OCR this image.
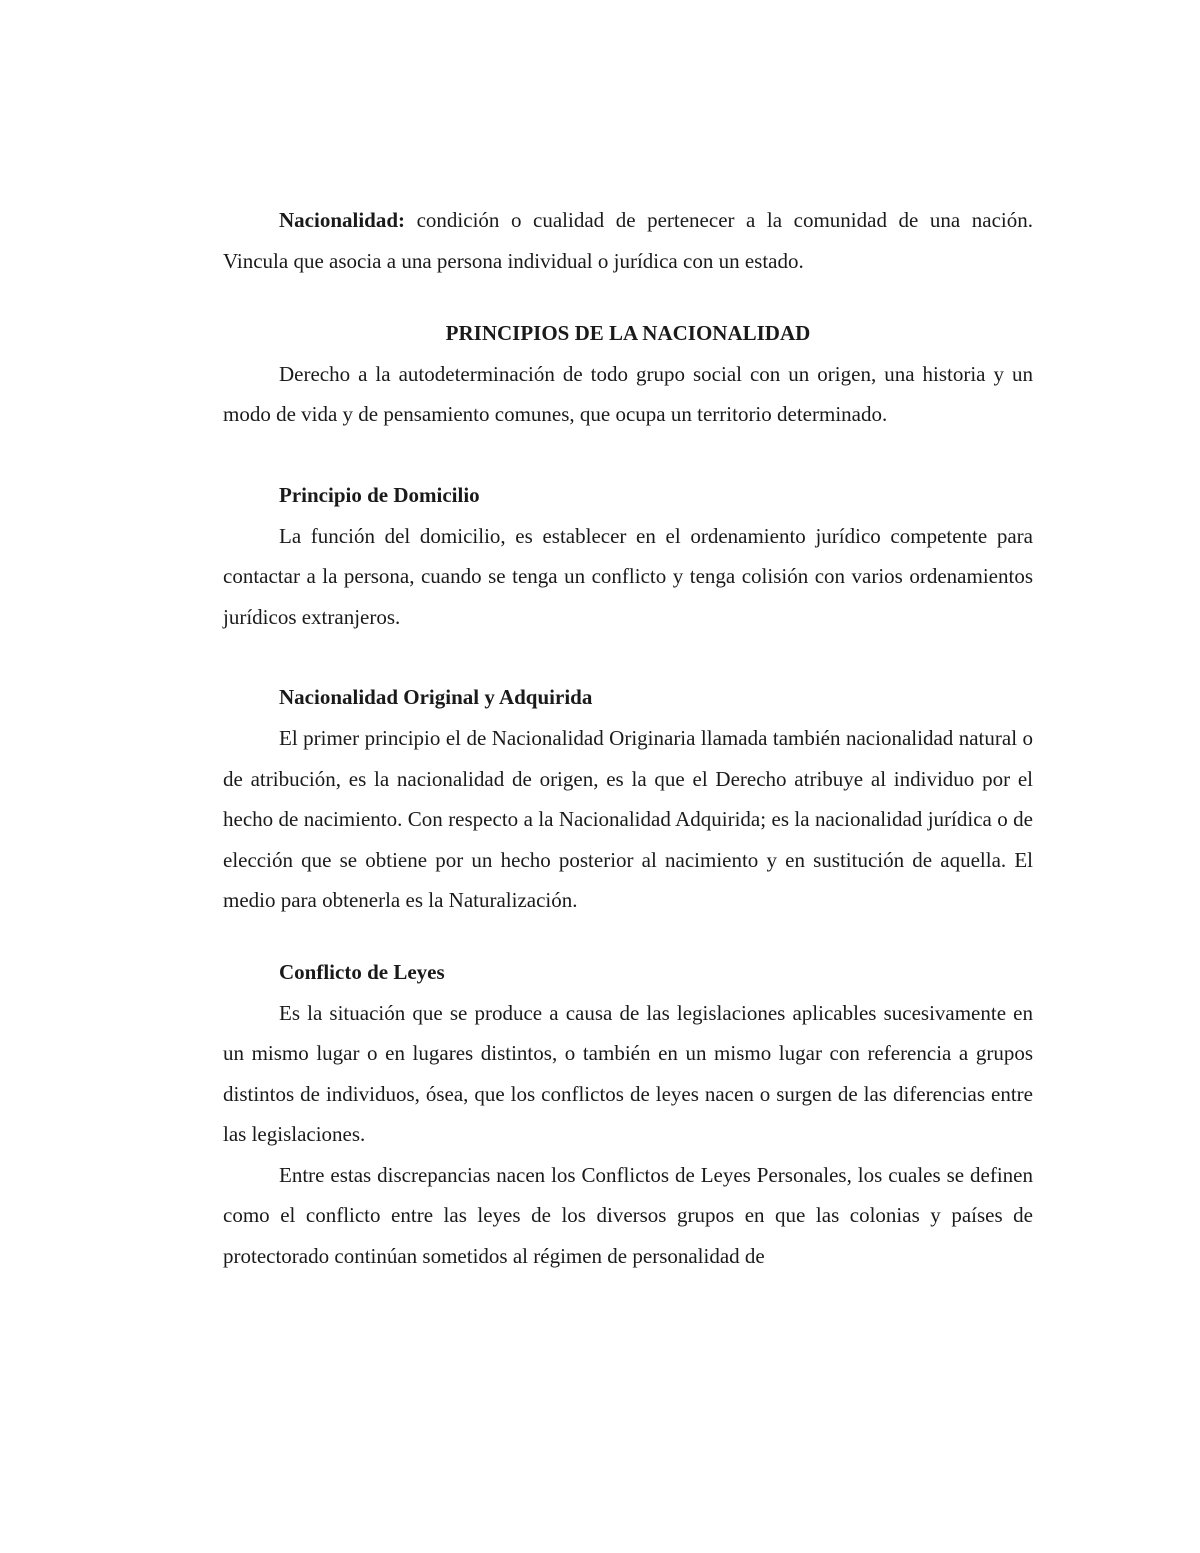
Nacionalidad: condición o cualidad de pertenecer a la comunidad de una nación. Vincula que asocia a una persona individual o jurídica con un estado.

PRINCIPIOS DE LA NACIONALIDAD

Derecho a la autodeterminación de todo grupo social con un origen, una historia y un modo de vida y de pensamiento comunes, que ocupa un territorio determinado.

Principio de Domicilio

La función del domicilio, es establecer en el ordenamiento jurídico competente para contactar a la persona, cuando se tenga un conflicto y tenga colisión con varios ordenamientos jurídicos extranjeros.

Nacionalidad Original y Adquirida

El primer principio el de Nacionalidad Originaria llamada también nacionalidad natural o de atribución, es la nacionalidad de origen, es la que el Derecho atribuye al individuo por el hecho de nacimiento. Con respecto a la Nacionalidad Adquirida; es la nacionalidad jurídica o de elección que se obtiene por un hecho posterior al nacimiento y en sustitución de aquella. El medio para obtenerla es la Naturalización.

Conflicto de Leyes

Es la situación que se produce a causa de las legislaciones aplicables sucesivamente en un mismo lugar o en lugares distintos, o también en un mismo lugar con referencia a grupos distintos de individuos, ósea, que los conflictos de leyes nacen o surgen de las diferencias entre las legislaciones.

Entre estas discrepancias nacen los Conflictos de Leyes Personales, los cuales se definen como el conflicto entre las leyes de los diversos grupos en que las colonias y países de protectorado continúan sometidos al régimen de personalidad de
